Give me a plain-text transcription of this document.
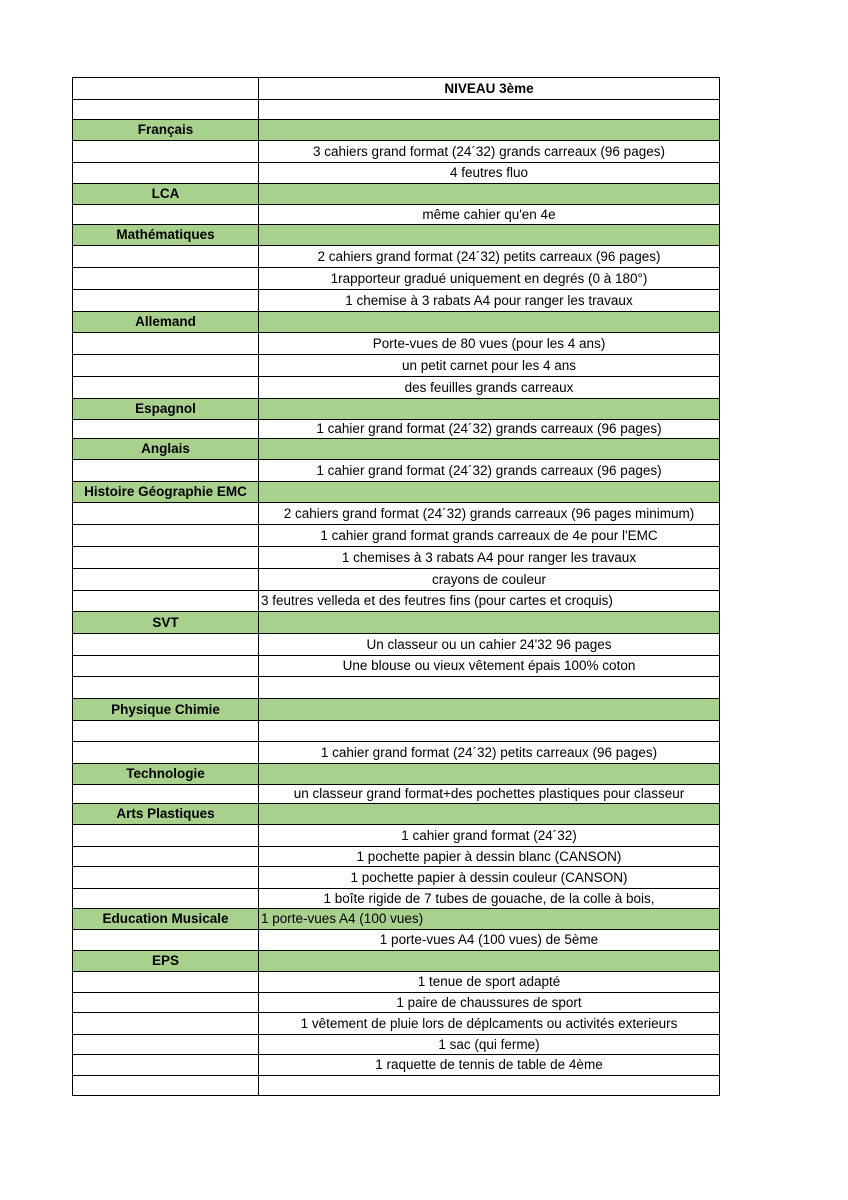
	NIVEAU 3ème

Français	
	3 cahiers grand format (24´32) grands carreaux (96 pages)
	4 feutres fluo
LCA	
	même cahier qu'en 4e
Mathématiques	
	2 cahiers grand format (24´32) petits carreaux (96 pages)
	1rapporteur gradué uniquement en degrés (0 à 180°)
	1 chemise à 3 rabats A4 pour ranger les travaux
Allemand	
	Porte-vues de 80 vues (pour les 4 ans)
	un petit carnet pour les 4 ans
	des feuilles grands carreaux
Espagnol	
	1 cahier grand format (24´32) grands carreaux (96 pages)
Anglais	
	1 cahier grand format (24´32) grands carreaux (96 pages)
Histoire Géographie EMC	
	2 cahiers grand format (24´32) grands carreaux (96 pages minimum)
	1 cahier grand format grands carreaux de 4e pour l'EMC
	1 chemises à 3 rabats A4 pour ranger les travaux
	crayons de couleur
	3 feutres velleda et des feutres fins (pour cartes et croquis)
SVT	
	Un classeur ou un cahier 24'32 96 pages
	Une blouse ou vieux vêtement épais 100% coton

Physique Chimie	

	1 cahier grand format (24´32) petits carreaux (96 pages)
Technologie	
	un classeur grand format+des pochettes plastiques pour classeur
Arts Plastiques	
	1 cahier grand format (24´32)
	1 pochette papier à dessin blanc (CANSON)
	1 pochette papier à dessin couleur (CANSON)
	1 boîte rigide de 7 tubes de gouache, de la colle à bois,
Education Musicale	1 porte-vues A4 (100 vues)
	1 porte-vues A4 (100 vues) de 5ème
EPS	
	1 tenue de sport adapté
	1 paire de chaussures de sport
	1 vêtement de pluie lors de déplcaments ou activités exterieurs
	1 sac (qui ferme)
	1 raquette de tennis de table de 4ème
